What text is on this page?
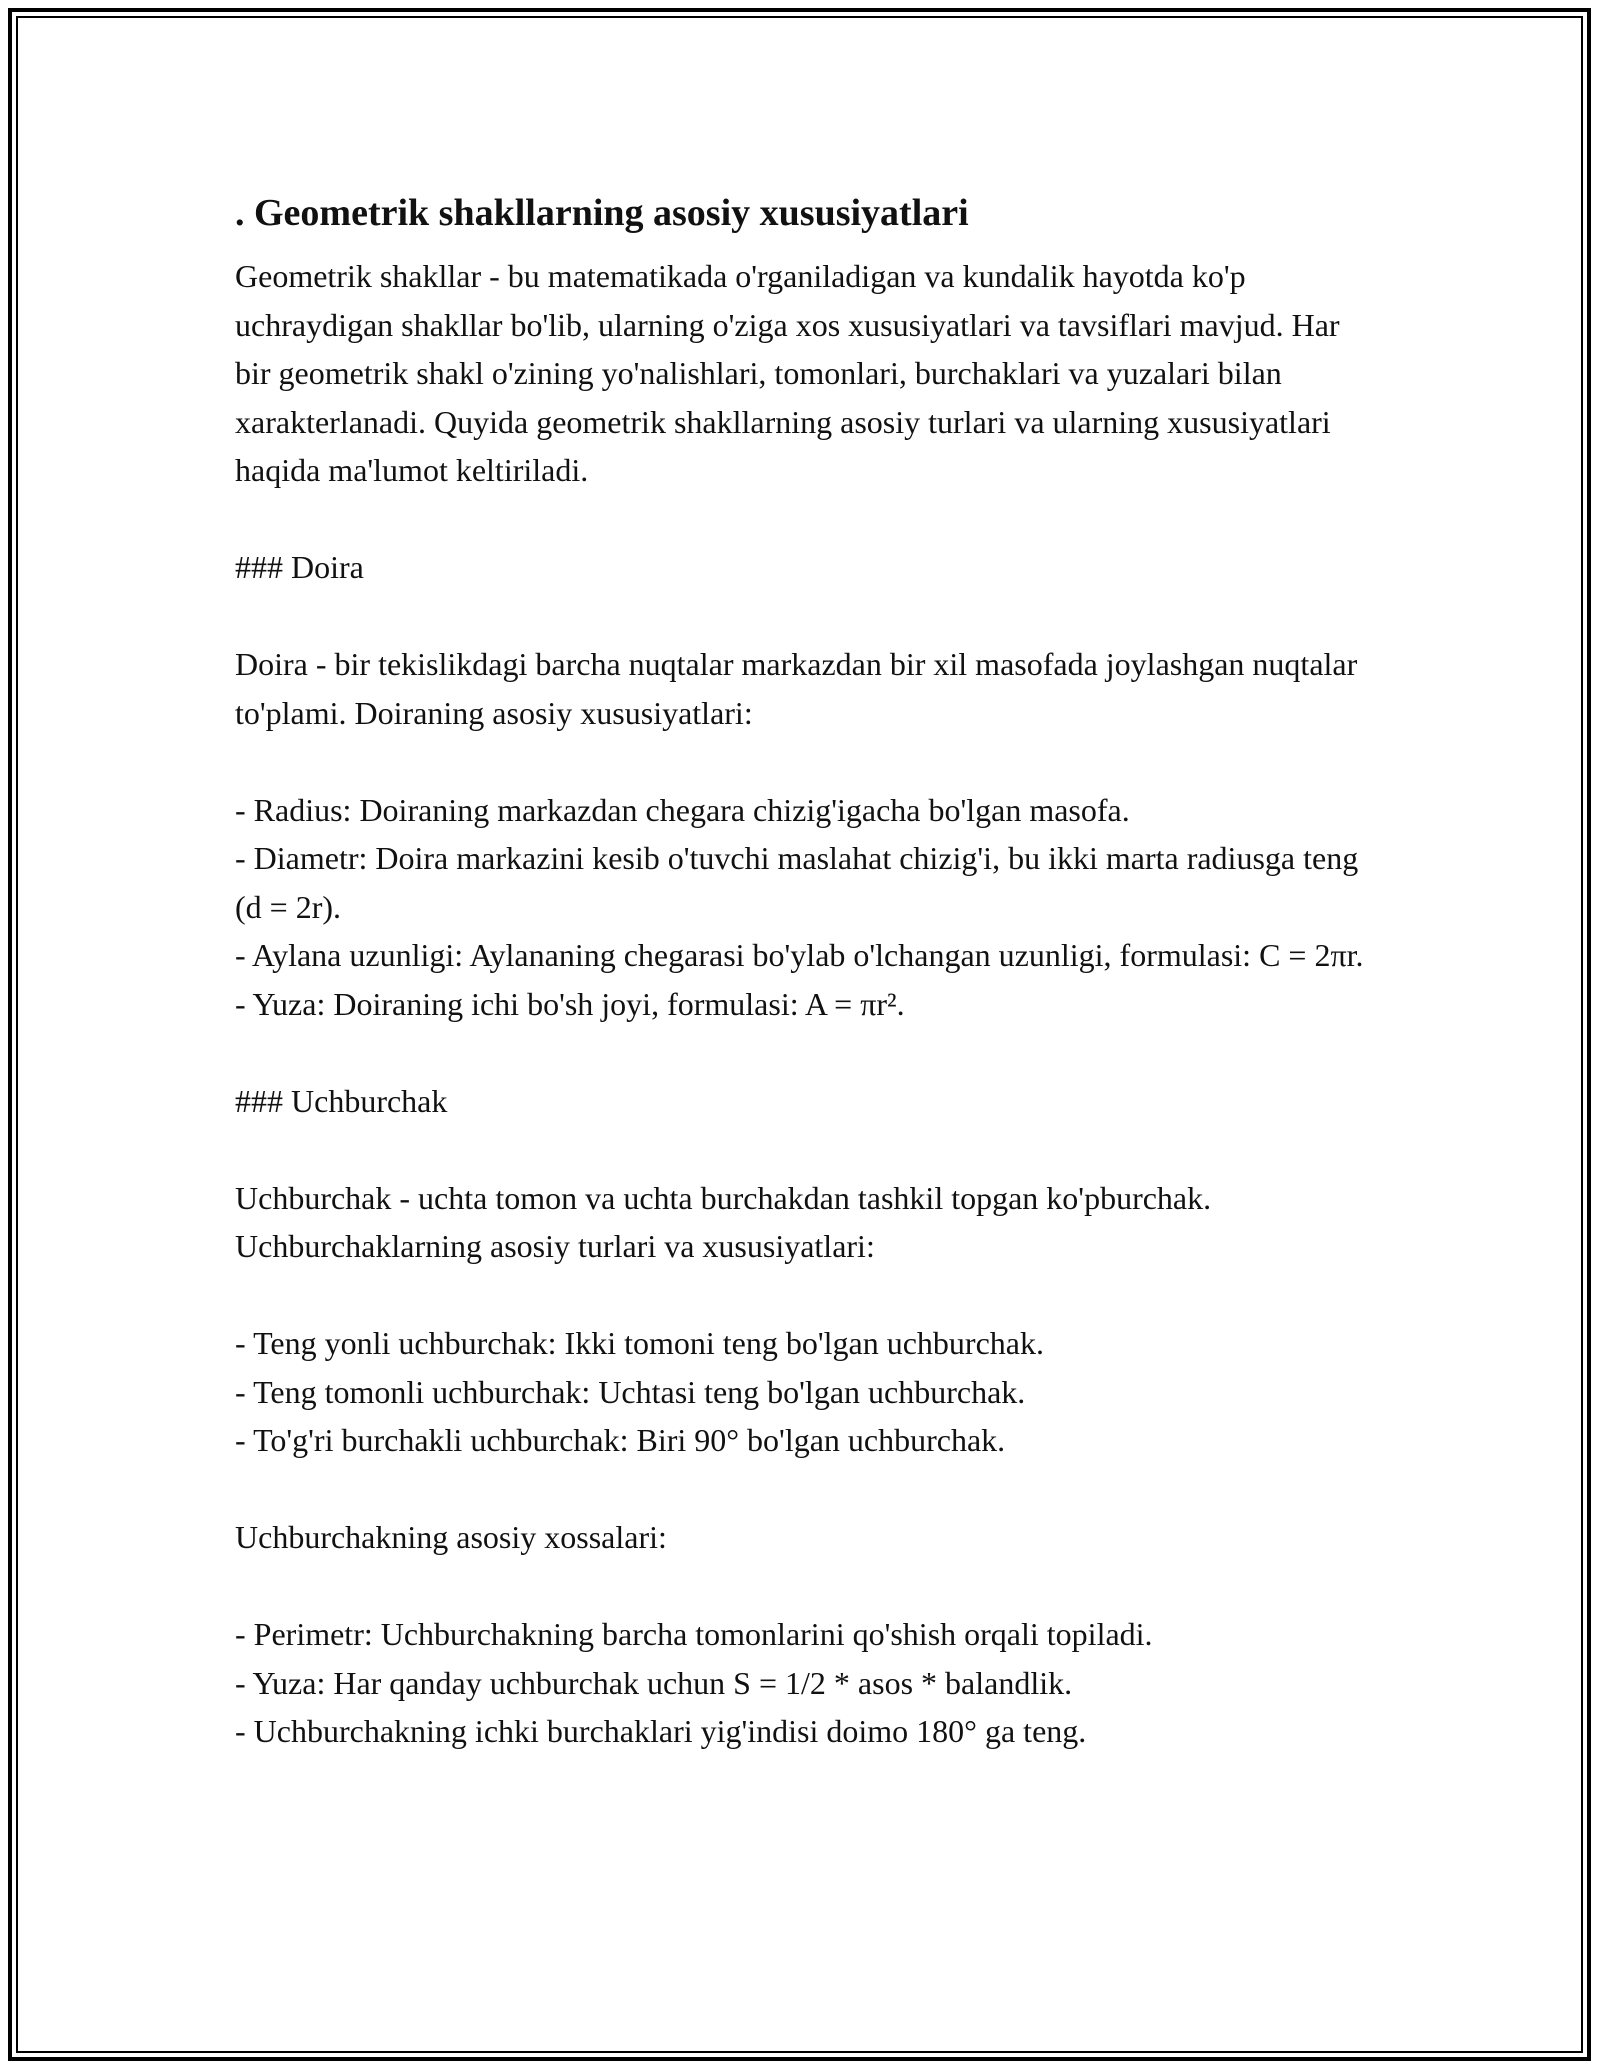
. Geometrik shakllarning asosiy xususiyatlari

Geometrik shakllar - bu matematikada o'rganiladigan va kundalik hayotda ko'p uchraydigan shakllar bo'lib, ularning o'ziga xos xususiyatlari va tavsiflari mavjud. Har bir geometrik shakl o'zining yo'nalishlari, tomonlari, burchaklari va yuzalari bilan xarakterlanadi. Quyida geometrik shakllarning asosiy turlari va ularning xususiyatlari haqida ma'lumot keltiriladi.

### Doira

Doira - bir tekislikdagi barcha nuqtalar markazdan bir xil masofada joylashgan nuqtalar to'plami. Doiraning asosiy xususiyatlari:

- Radius: Doiraning markazdan chegara chizig'igacha bo'lgan masofa.

- Diametr: Doira markazini kesib o'tuvchi maslahat chizig'i, bu ikki marta radiusga teng (d = 2r).

- Aylana uzunligi: Aylananing chegarasi bo'ylab o'lchangan uzunligi, formulasi: C = 2πr.

- Yuza: Doiraning ichi bo'sh joyi, formulasi: A = πr².

### Uchburchak

Uchburchak - uchta tomon va uchta burchakdan tashkil topgan ko'pburchak. Uchburchaklarning asosiy turlari va xususiyatlari:

- Teng yonli uchburchak: Ikki tomoni teng bo'lgan uchburchak.

- Teng tomonli uchburchak: Uchtasi teng bo'lgan uchburchak.

- To'g'ri burchakli uchburchak: Biri 90° bo'lgan uchburchak.

Uchburchakning asosiy xossalari:

- Perimetr: Uchburchakning barcha tomonlarini qo'shish orqali topiladi.

- Yuza: Har qanday uchburchak uchun S = 1/2 * asos * balandlik.

- Uchburchakning ichki burchaklari yig'indisi doimo 180° ga teng.
